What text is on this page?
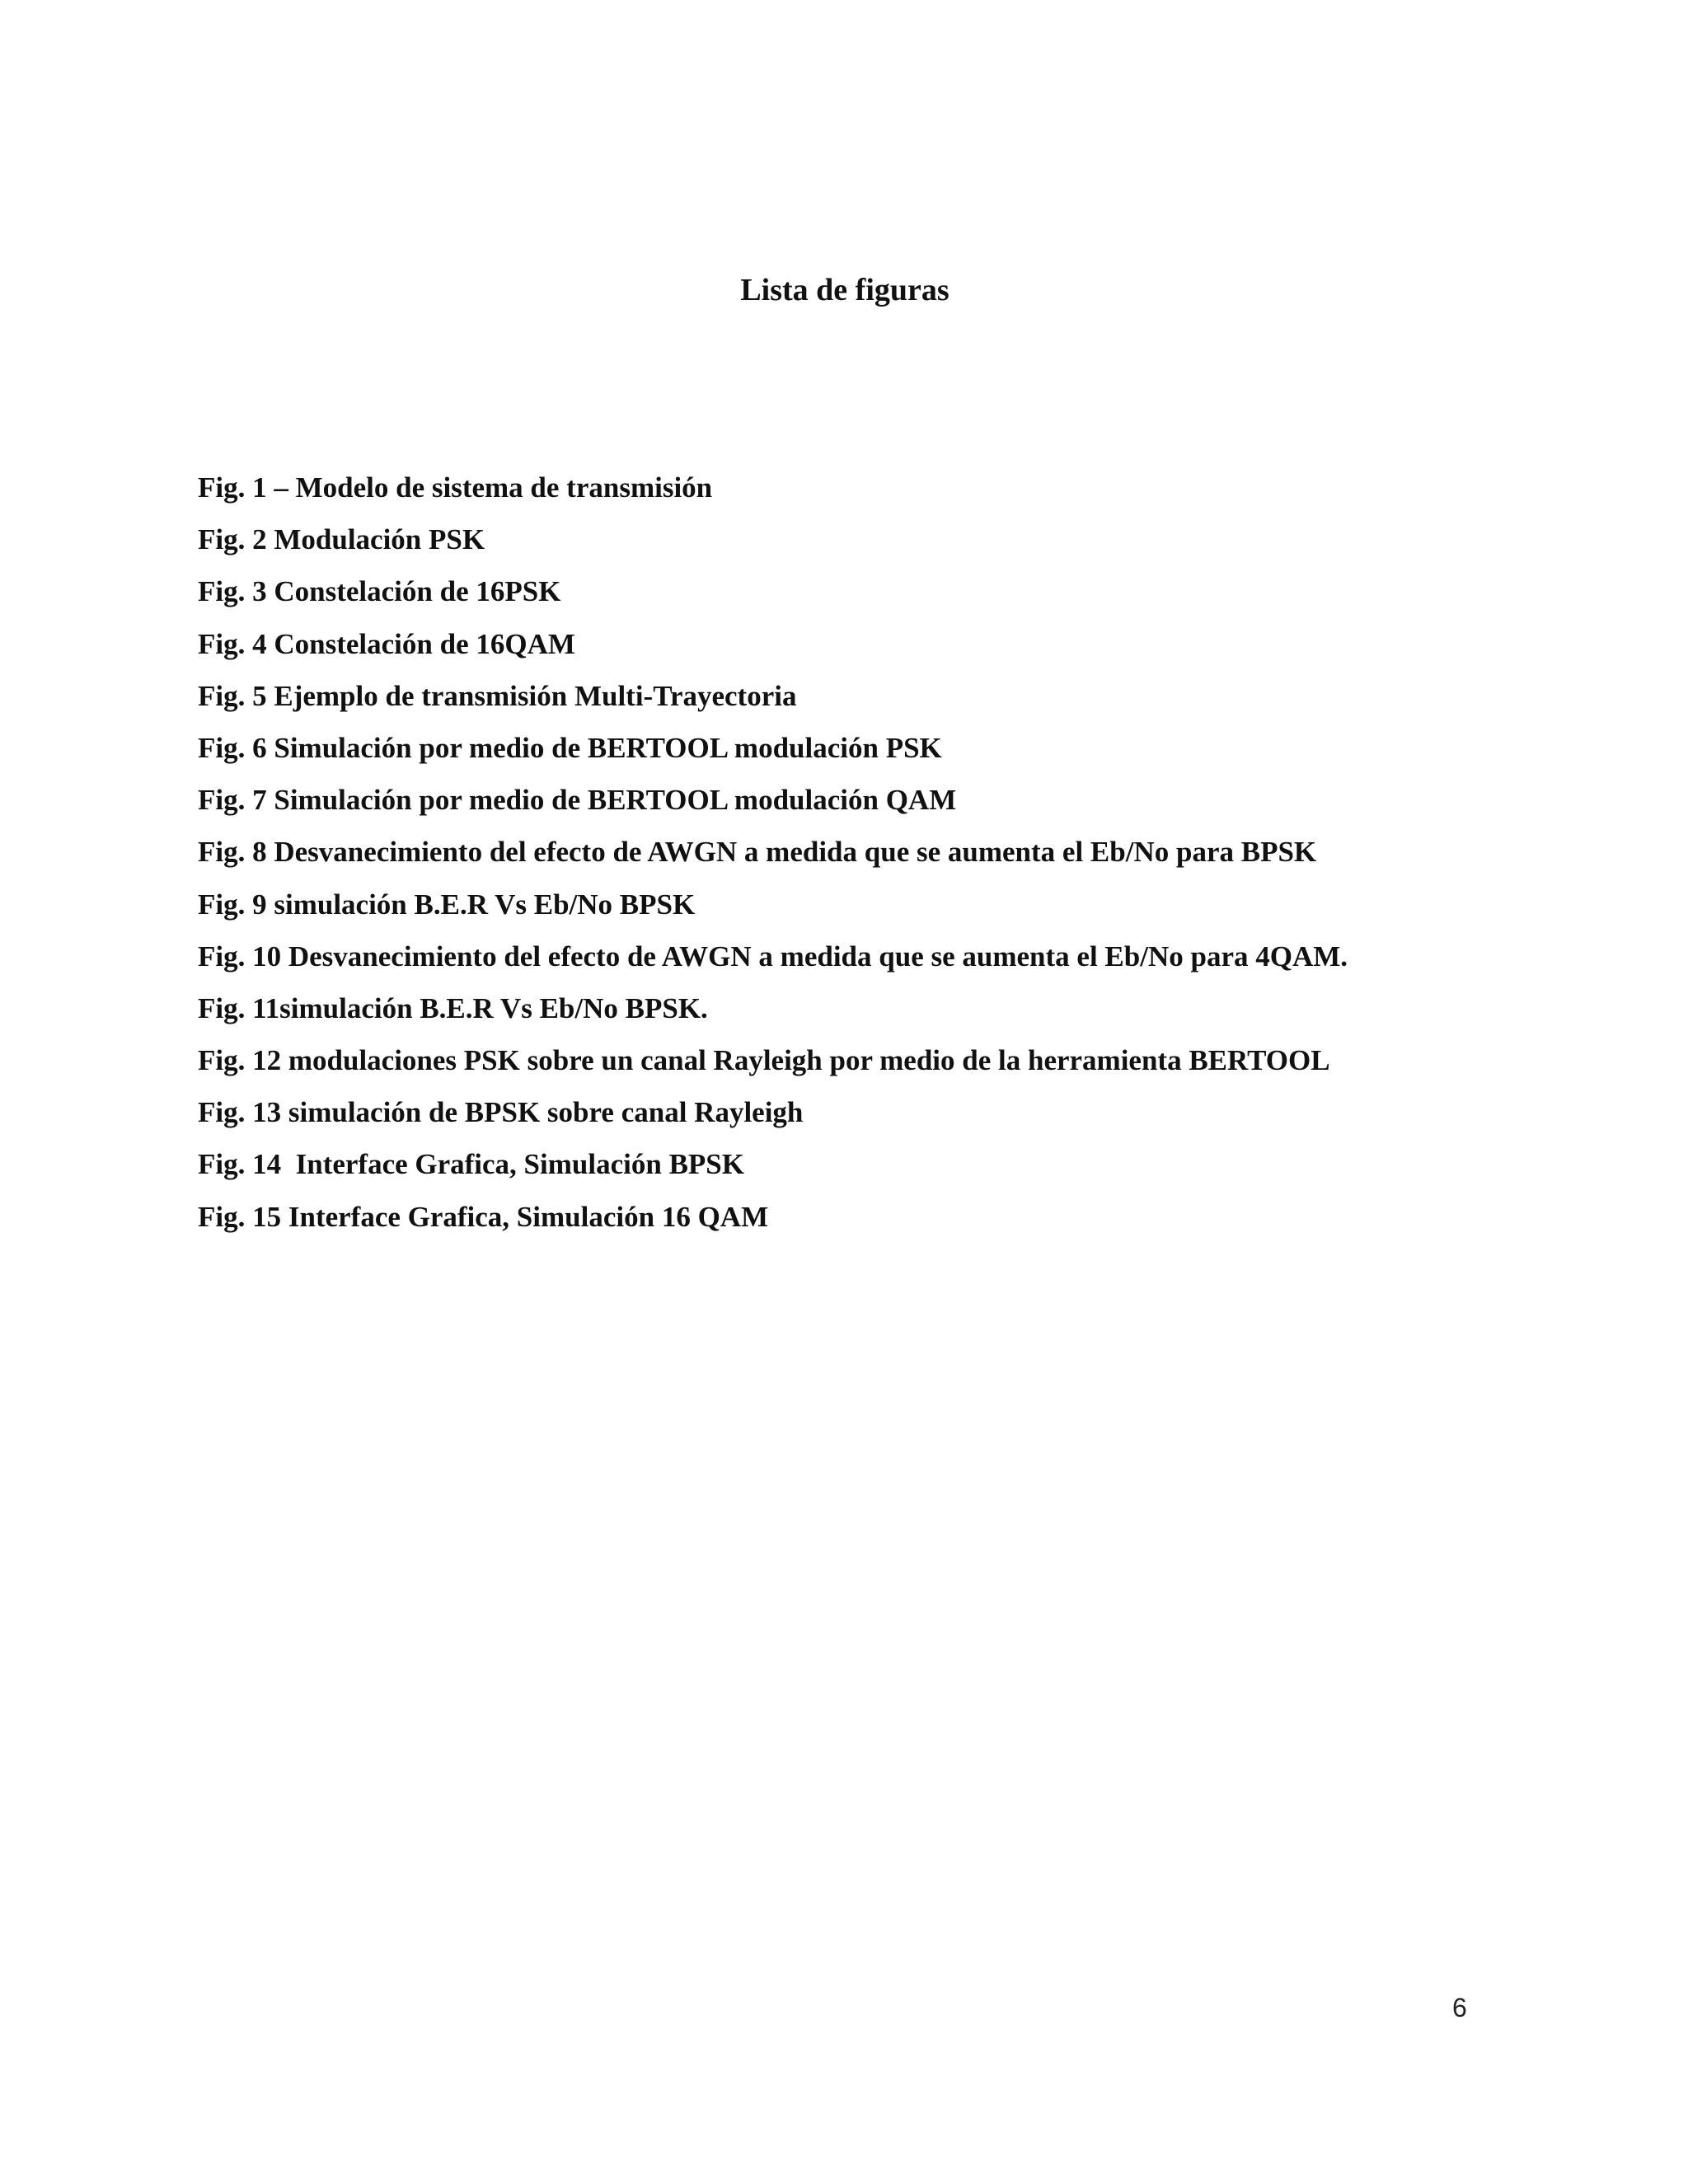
Lista de figuras
Fig. 1 – Modelo de sistema de transmisión
Fig. 2 Modulación PSK
Fig. 3 Constelación de 16PSK
Fig. 4 Constelación de 16QAM
Fig. 5 Ejemplo de transmisión Multi-Trayectoria
Fig. 6 Simulación por medio de BERTOOL modulación PSK
Fig. 7 Simulación por medio de BERTOOL modulación QAM
Fig. 8 Desvanecimiento del efecto de AWGN a medida que se aumenta el Eb/No para BPSK
Fig. 9 simulación B.E.R Vs Eb/No BPSK
Fig. 10 Desvanecimiento del efecto de AWGN a medida que se aumenta el Eb/No para 4QAM.
Fig. 11simulación B.E.R Vs Eb/No BPSK.
Fig. 12 modulaciones PSK sobre un canal Rayleigh por medio de la herramienta BERTOOL
Fig. 13 simulación de BPSK sobre canal Rayleigh
Fig. 14  Interface Grafica, Simulación BPSK
Fig. 15 Interface Grafica, Simulación 16 QAM
6
